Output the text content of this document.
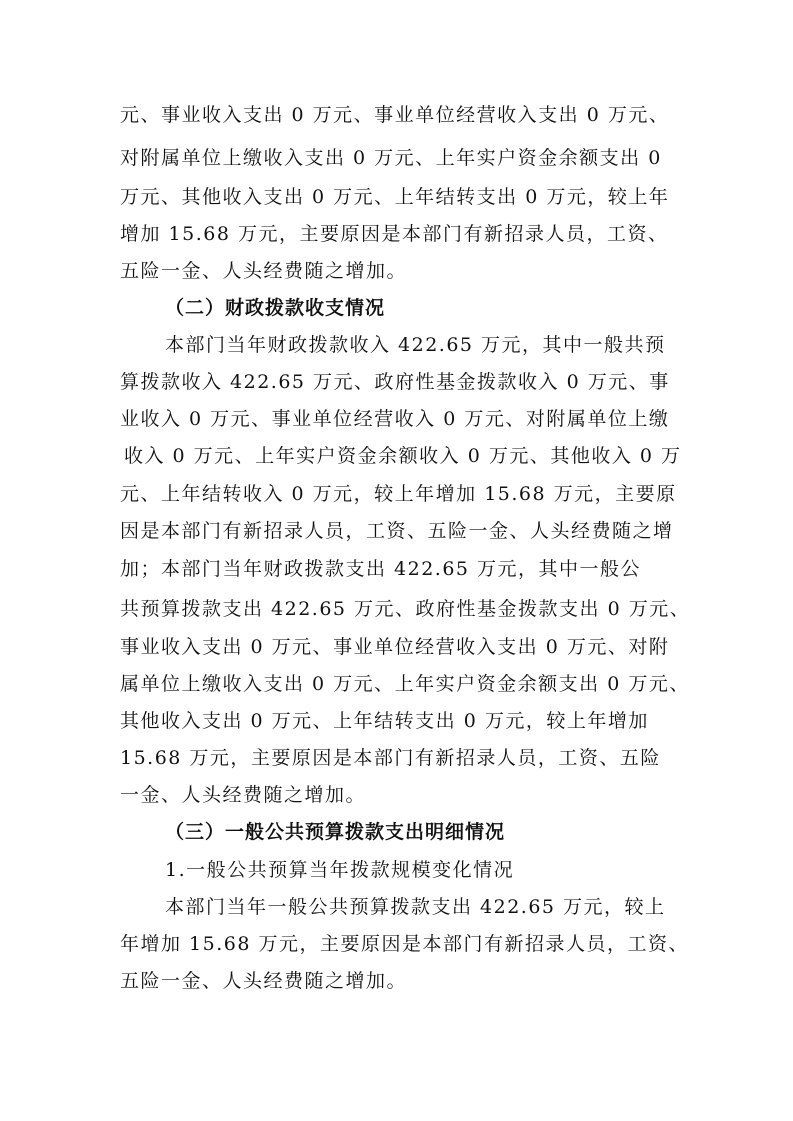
元、事业收入支出 0 万元、事业单位经营收入支出 0 万元、
对附属单位上缴收入支出 0 万元、上年实户资金余额支出 0
万元、其他收入支出 0 万元、上年结转支出 0 万元，较上年
增加 15.68 万元，主要原因是本部门有新招录人员，工资、
五险一金、人头经费随之增加。
（二）财政拨款收支情况
本部门当年财政拨款收入 422.65 万元，其中一般共预
算拨款收入 422.65 万元、政府性基金拨款收入 0 万元、事
业收入 0 万元、事业单位经营收入 0 万元、对附属单位上缴
收入 0 万元、上年实户资金余额收入 0 万元、其他收入 0 万
元、上年结转收入 0 万元，较上年增加 15.68 万元，主要原
因是本部门有新招录人员，工资、五险一金、人头经费随之增
加；本部门当年财政拨款支出 422.65 万元，其中一般公
共预算拨款支出 422.65 万元、政府性基金拨款支出 0 万元、
事业收入支出 0 万元、事业单位经营收入支出 0 万元、对附
属单位上缴收入支出 0 万元、上年实户资金余额支出 0 万元、
其他收入支出 0 万元、上年结转支出 0 万元，较上年增加
15.68 万元，主要原因是本部门有新招录人员，工资、五险
一金、人头经费随之增加。
（三）一般公共预算拨款支出明细情况
1.一般公共预算当年拨款规模变化情况
本部门当年一般公共预算拨款支出 422.65 万元，较上
年增加 15.68 万元，主要原因是本部门有新招录人员，工资、
五险一金、人头经费随之增加。
